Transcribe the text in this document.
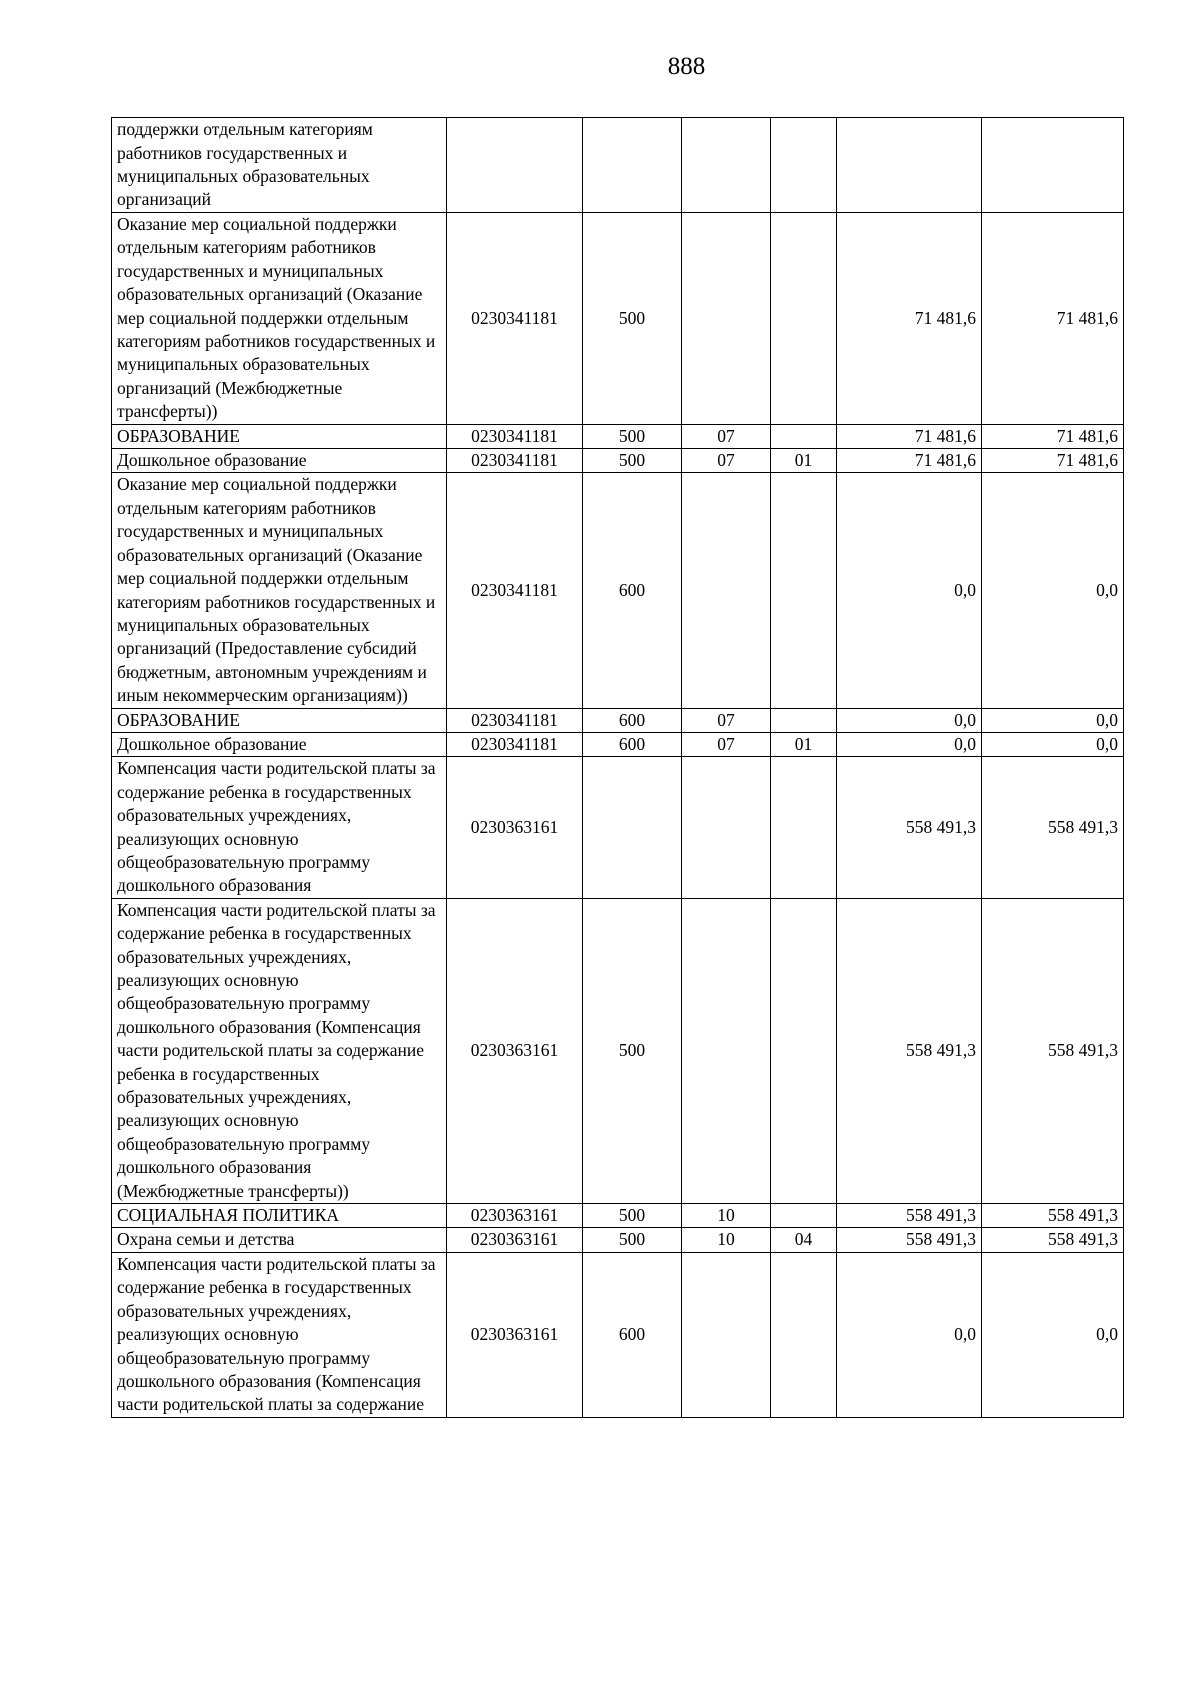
888
поддержки отдельным категориям работников государственных и муниципальных образовательных организаций						
Оказание мер социальной поддержки отдельным категориям работников государственных и муниципальных образовательных организаций (Оказание мер социальной поддержки отдельным категориям работников государственных и муниципальных образовательных организаций (Межбюджетные трансферты))	0230341181	500			71 481,6	71 481,6
ОБРАЗОВАНИЕ	0230341181	500	07		71 481,6	71 481,6
Дошкольное образование	0230341181	500	07	01	71 481,6	71 481,6
Оказание мер социальной поддержки отдельным категориям работников государственных и муниципальных образовательных организаций (Оказание мер социальной поддержки отдельным категориям работников государственных и муниципальных образовательных организаций (Предоставление субсидий бюджетным, автономным учреждениям и иным некоммерческим организациям))	0230341181	600			0,0	0,0
ОБРАЗОВАНИЕ	0230341181	600	07		0,0	0,0
Дошкольное образование	0230341181	600	07	01	0,0	0,0
Компенсация части родительской платы за содержание ребенка в государственных образовательных учреждениях, реализующих основную общеобразовательную программу дошкольного образования	0230363161				558 491,3	558 491,3
Компенсация части родительской платы за содержание ребенка в государственных образовательных учреждениях, реализующих основную общеобразовательную программу дошкольного образования (Компенсация части родительской платы за содержание ребенка в государственных образовательных учреждениях, реализующих основную общеобразовательную программу дошкольного образования (Межбюджетные трансферты))	0230363161	500			558 491,3	558 491,3
СОЦИАЛЬНАЯ ПОЛИТИКА	0230363161	500	10		558 491,3	558 491,3
Охрана семьи и детства	0230363161	500	10	04	558 491,3	558 491,3
Компенсация части родительской платы за содержание ребенка в государственных образовательных учреждениях, реализующих основную общеобразовательную программу дошкольного образования (Компенсация части родительской платы за содержание	0230363161	600			0,0	0,0
